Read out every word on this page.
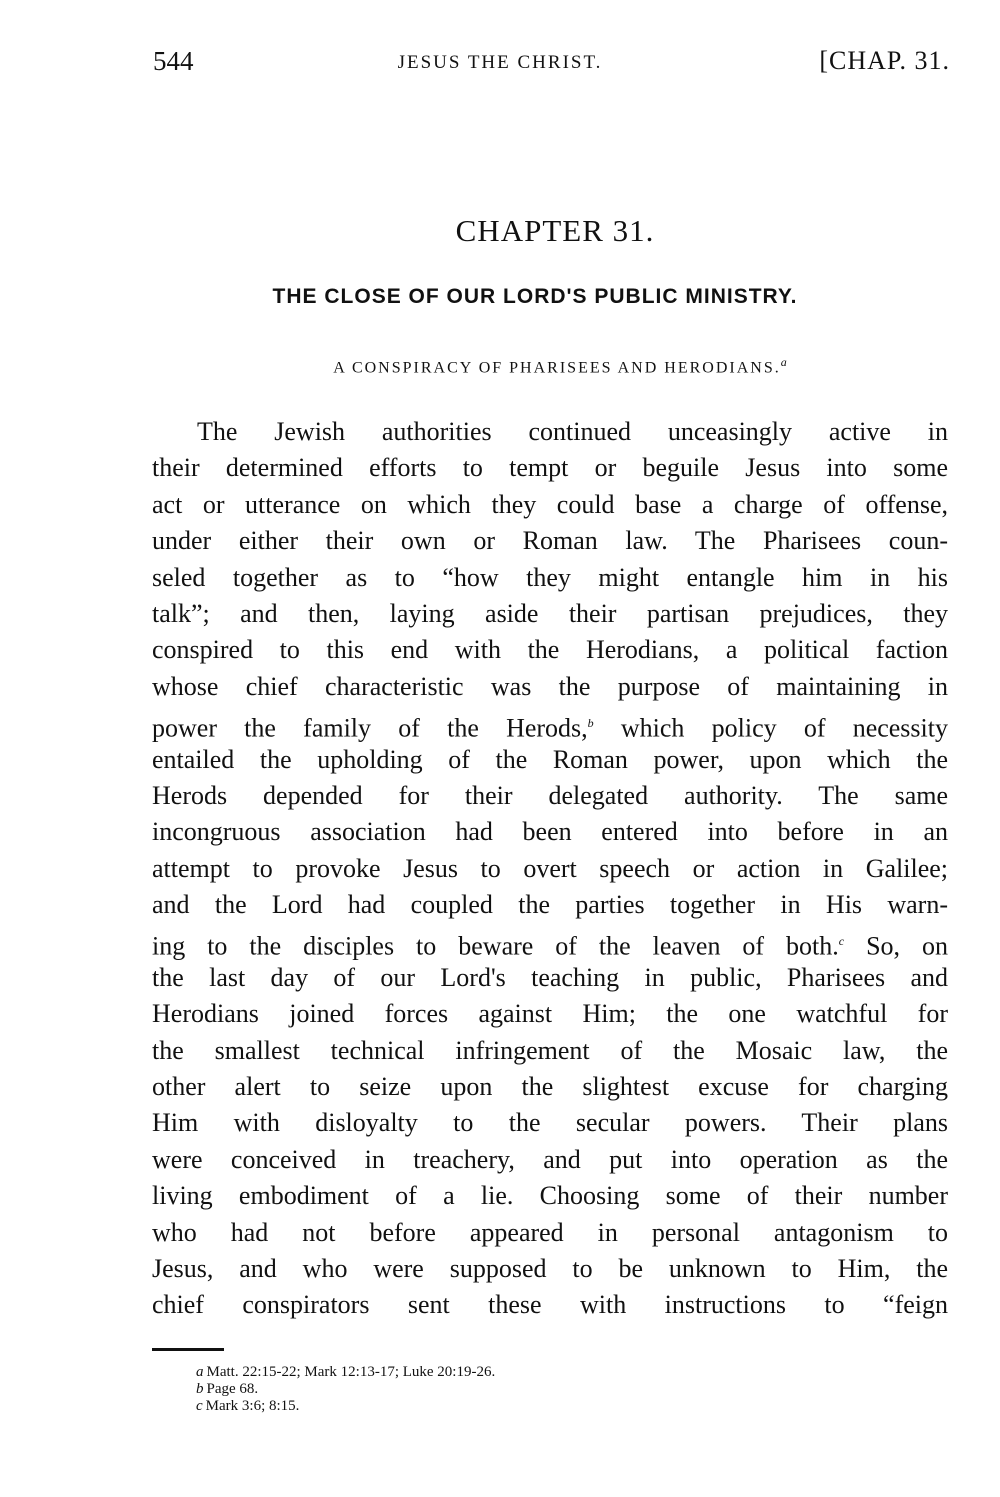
544	JESUS THE CHRIST.	[CHAP. 31.
CHAPTER 31.
THE CLOSE OF OUR LORD'S PUBLIC MINISTRY.
A CONSPIRACY OF PHARISEES AND HERODIANS.$^a$
The Jewish authorities continued unceasingly active in
their determined efforts to tempt or beguile Jesus into some
act or utterance on which they could base a charge of offense,
under either their own or Roman law. The Pharisees coun-
seled together as to “how they might entangle him in his
talk”; and then, laying aside their partisan prejudices, they
conspired to this end with the Herodians, a political faction
whose chief characteristic was the purpose of maintaining in
power the family of the Herods,$^b$ which policy of necessity
entailed the upholding of the Roman power, upon which the
Herods depended for their delegated authority. The same
incongruous association had been entered into before in an
attempt to provoke Jesus to overt speech or action in Galilee;
and the Lord had coupled the parties together in His warn-
ing to the disciples to beware of the leaven of both.$^c$ So, on
the last day of our Lord's teaching in public, Pharisees and
Herodians joined forces against Him; the one watchful for
the smallest technical infringement of the Mosaic law, the
other alert to seize upon the slightest excuse for charging
Him with disloyalty to the secular powers. Their plans
were conceived in treachery, and put into operation as the
living embodiment of a lie. Choosing some of their number
who had not before appeared in personal antagonism to
Jesus, and who were supposed to be unknown to Him, the
chief conspirators sent these with instructions to “feign
a Matt. 22:15-22; Mark 12:13-17; Luke 20:19-26.
b Page 68.
c Mark 3:6; 8:15.
